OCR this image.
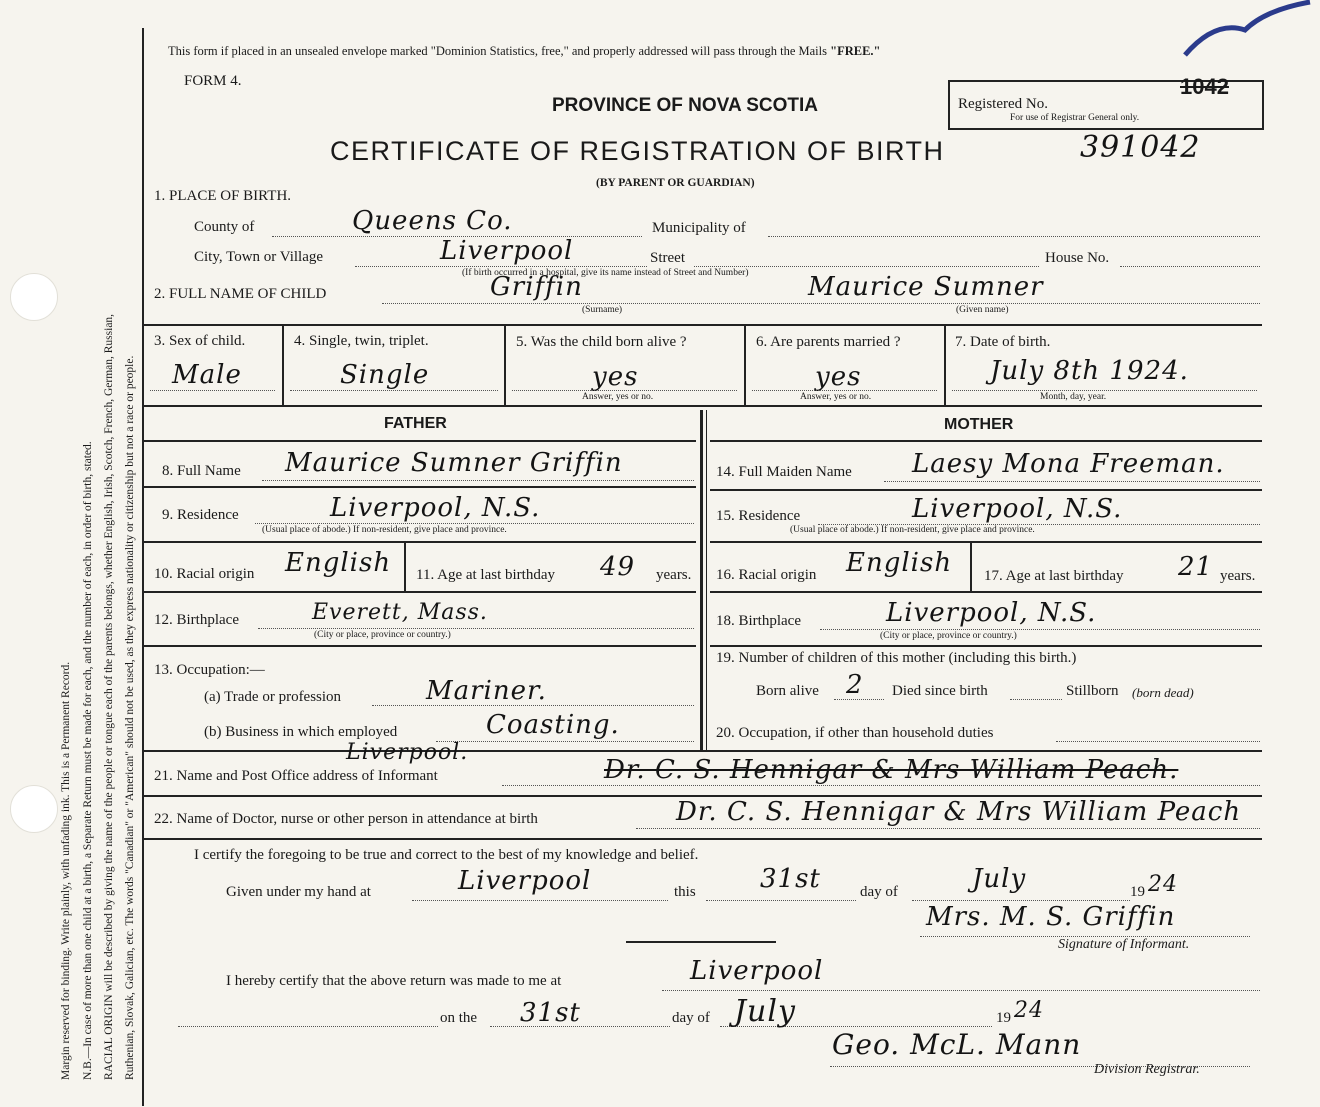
Margin reserved for binding. Write plainly, with unfading ink. This is a Permanent Record. N.B.—In case of more than one child at a birth, a Separate Return must be made for each, and the number of each, in order of birth, stated. RACIAL ORIGIN will be described by giving the name of the people or tongue each of the parents belongs, whether English, Irish, Scotch, French, German, Russian, Ruthenian, Slovak, Galician, etc. The words "Canadian" or "American" should not be used, as they express nationality or citizenship but not a race or people.
This form if placed in an unsealed envelope marked "Dominion Statistics, free," and properly addressed will pass through the Mails "FREE."
FORM 4.
PROVINCE OF NOVA SCOTIA
CERTIFICATE OF REGISTRATION OF BIRTH	391042
(BY PARENT OR GUARDIAN)
Registered No.
For use of Registrar General only.
1042
1. PLACE OF BIRTH.
County of	Queens Co.	Municipality of
City, Town or Village	Liverpool	Street	House No.
(If birth occurred in a hospital, give its name instead of Street and Number)
2. FULL NAME OF CHILD	Griffin	Maurice Sumner
(Surname)	(Given name)
3. Sex of child.
Male
4. Single, twin, triplet.
Single
5. Was the child born alive ?
yes
Answer, yes or no.
6. Are parents married ?
yes
Answer, yes or no.
7. Date of birth.
July 8th 1924.
Month, day, year.
FATHER	MOTHER
8. Full Name Maurice Sumner Griffin
9. Residence	Liverpool, N.S.
(Usual place of abode.) If non-resident, give place and province.
10. Racial origin English 11. Age at last birthday 49 years.
12. Birthplace	Everett, Mass.
(City or place, province or country.)
13. Occupation:—
(a) Trade or profession	Mariner.
(b) Business in which employed	Coasting.
14. Full Maiden Name Laesy Mona Freeman.
15. Residence	Liverpool, N.S.
(Usual place of abode.) If non-resident, give place and province.
16. Racial origin English 17. Age at last birthday 21 years.
18. Birthplace	Liverpool, N.S.
(City or place, province or country.)
19. Number of children of this mother (including this birth.)
Born alive 2 Died since birth	Stillborn (born dead)
20. Occupation, if other than household duties
21. Name and Post Office address of Informant
Liverpool.
Dr. C. S. Hennigar & Mrs William Peach.
22. Name of Doctor, nurse or other person in attendance at birth	Dr. C. S. Hennigar & Mrs William Peach
I certify the foregoing to be true and correct to the best of my knowledge and belief.
Given under my hand at	Liverpool	this 31st	day of	July	19 24
Mrs. M. S. Griffin
Signature of Informant.
I hereby certify that the above return was made to me at	Liverpool
on the 31st	day of July	19 24
Geo. McL. Mann
Division Registrar.
